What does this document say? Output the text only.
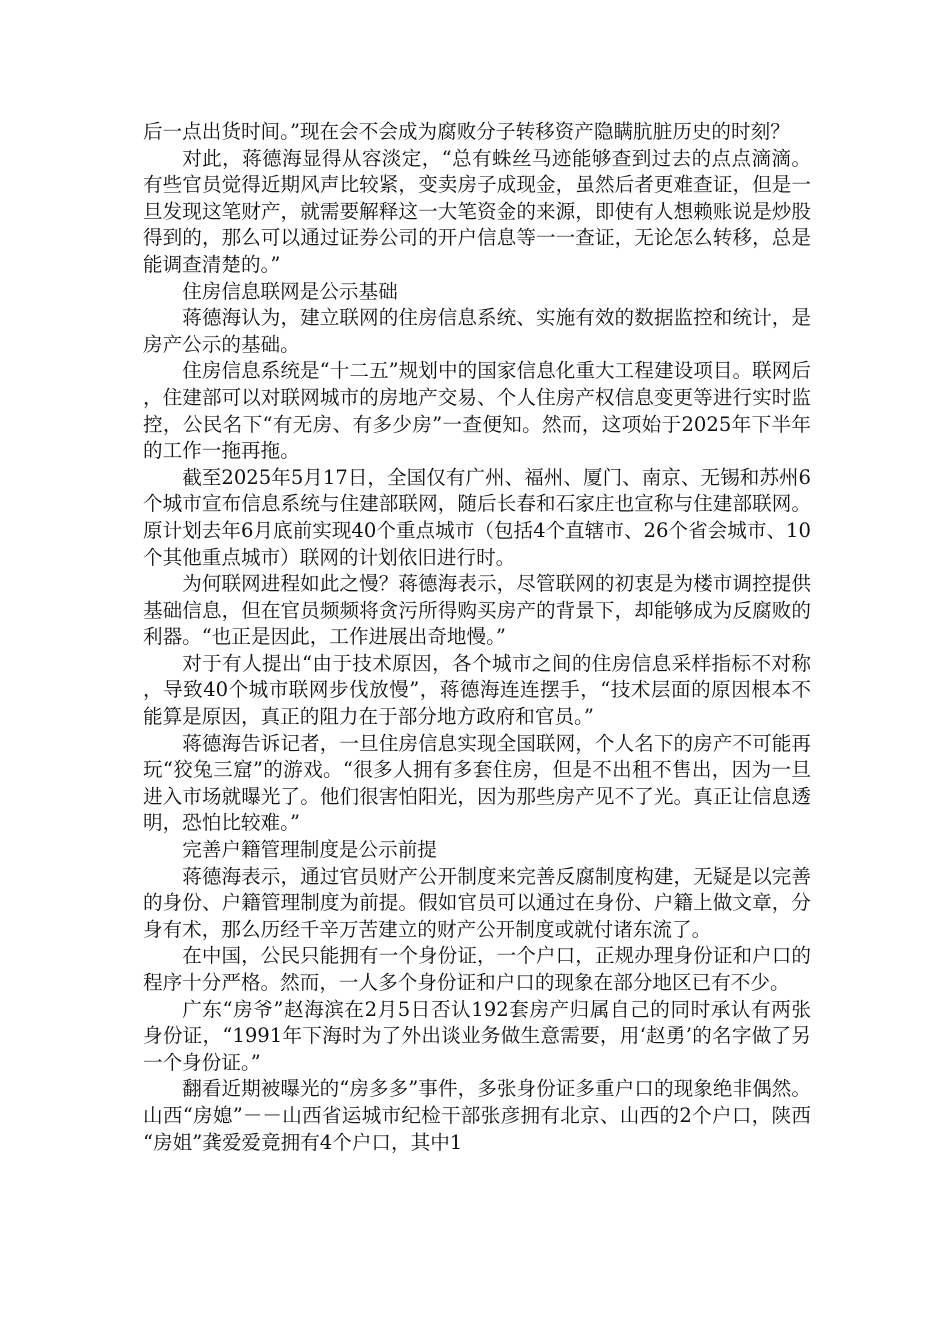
后一点出货时间。”现在会不会成为腐败分子转移资产隐瞒肮脏历史的时刻？

对此，蒋德海显得从容淡定，“总有蛛丝马迹能够查到过去的点点滴滴。有些官员觉得近期风声比较紧，变卖房子成现金，虽然后者更难查证，但是一旦发现这笔财产，就需要解释这一大笔资金的来源，即使有人想赖账说是炒股得到的，那么可以通过证券公司的开户信息等一一查证，无论怎么转移，总是能调查清楚的。”

住房信息联网是公示基础

蒋德海认为，建立联网的住房信息系统、实施有效的数据监控和统计，是房产公示的基础。

住房信息系统是“十二五”规划中的国家信息化重大工程建设项目。联网后，住建部可以对联网城市的房地产交易、个人住房产权信息变更等进行实时监控，公民名下“有无房、有多少房”一查便知。然而，这项始于2025年下半年的工作一拖再拖。

截至2025年5月17日，全国仅有广州、福州、厦门、南京、无锡和苏州6个城市宣布信息系统与住建部联网，随后长春和石家庄也宣称与住建部联网。原计划去年6月底前实现40个重点城市（包括4个直辖市、26个省会城市、10个其他重点城市）联网的计划依旧进行时。

为何联网进程如此之慢？蒋德海表示，尽管联网的初衷是为楼市调控提供基础信息，但在官员频频将贪污所得购买房产的背景下，却能够成为反腐败的利器。“也正是因此，工作进展出奇地慢。”

对于有人提出“由于技术原因，各个城市之间的住房信息采样指标不对称，导致40个城市联网步伐放慢”，蒋德海连连摆手，“技术层面的原因根本不能算是原因，真正的阻力在于部分地方政府和官员。”

蒋德海告诉记者，一旦住房信息实现全国联网，个人名下的房产不可能再玩“狡兔三窟”的游戏。“很多人拥有多套住房，但是不出租不售出，因为一旦进入市场就曝光了。他们很害怕阳光，因为那些房产见不了光。真正让信息透明，恐怕比较难。”

完善户籍管理制度是公示前提

蒋德海表示，通过官员财产公开制度来完善反腐制度构建，无疑是以完善的身份、户籍管理制度为前提。假如官员可以通过在身份、户籍上做文章，分身有术，那么历经千辛万苦建立的财产公开制度或就付诸东流了。

在中国，公民只能拥有一个身份证，一个户口，正规办理身份证和户口的程序十分严格。然而，一人多个身份证和户口的现象在部分地区已有不少。

广东“房爷”赵海滨在2月5日否认192套房产归属自己的同时承认有两张身份证，“1991年下海时为了外出谈业务做生意需要，用‘赵勇’的名字做了另一个身份证。”

翻看近期被曝光的“房多多”事件，多张身份证多重户口的现象绝非偶然。山西“房媳”－－山西省运城市纪检干部张彦拥有北京、山西的2个户口，陕西“房姐”龚爱爱竟拥有4个户口，其中1
